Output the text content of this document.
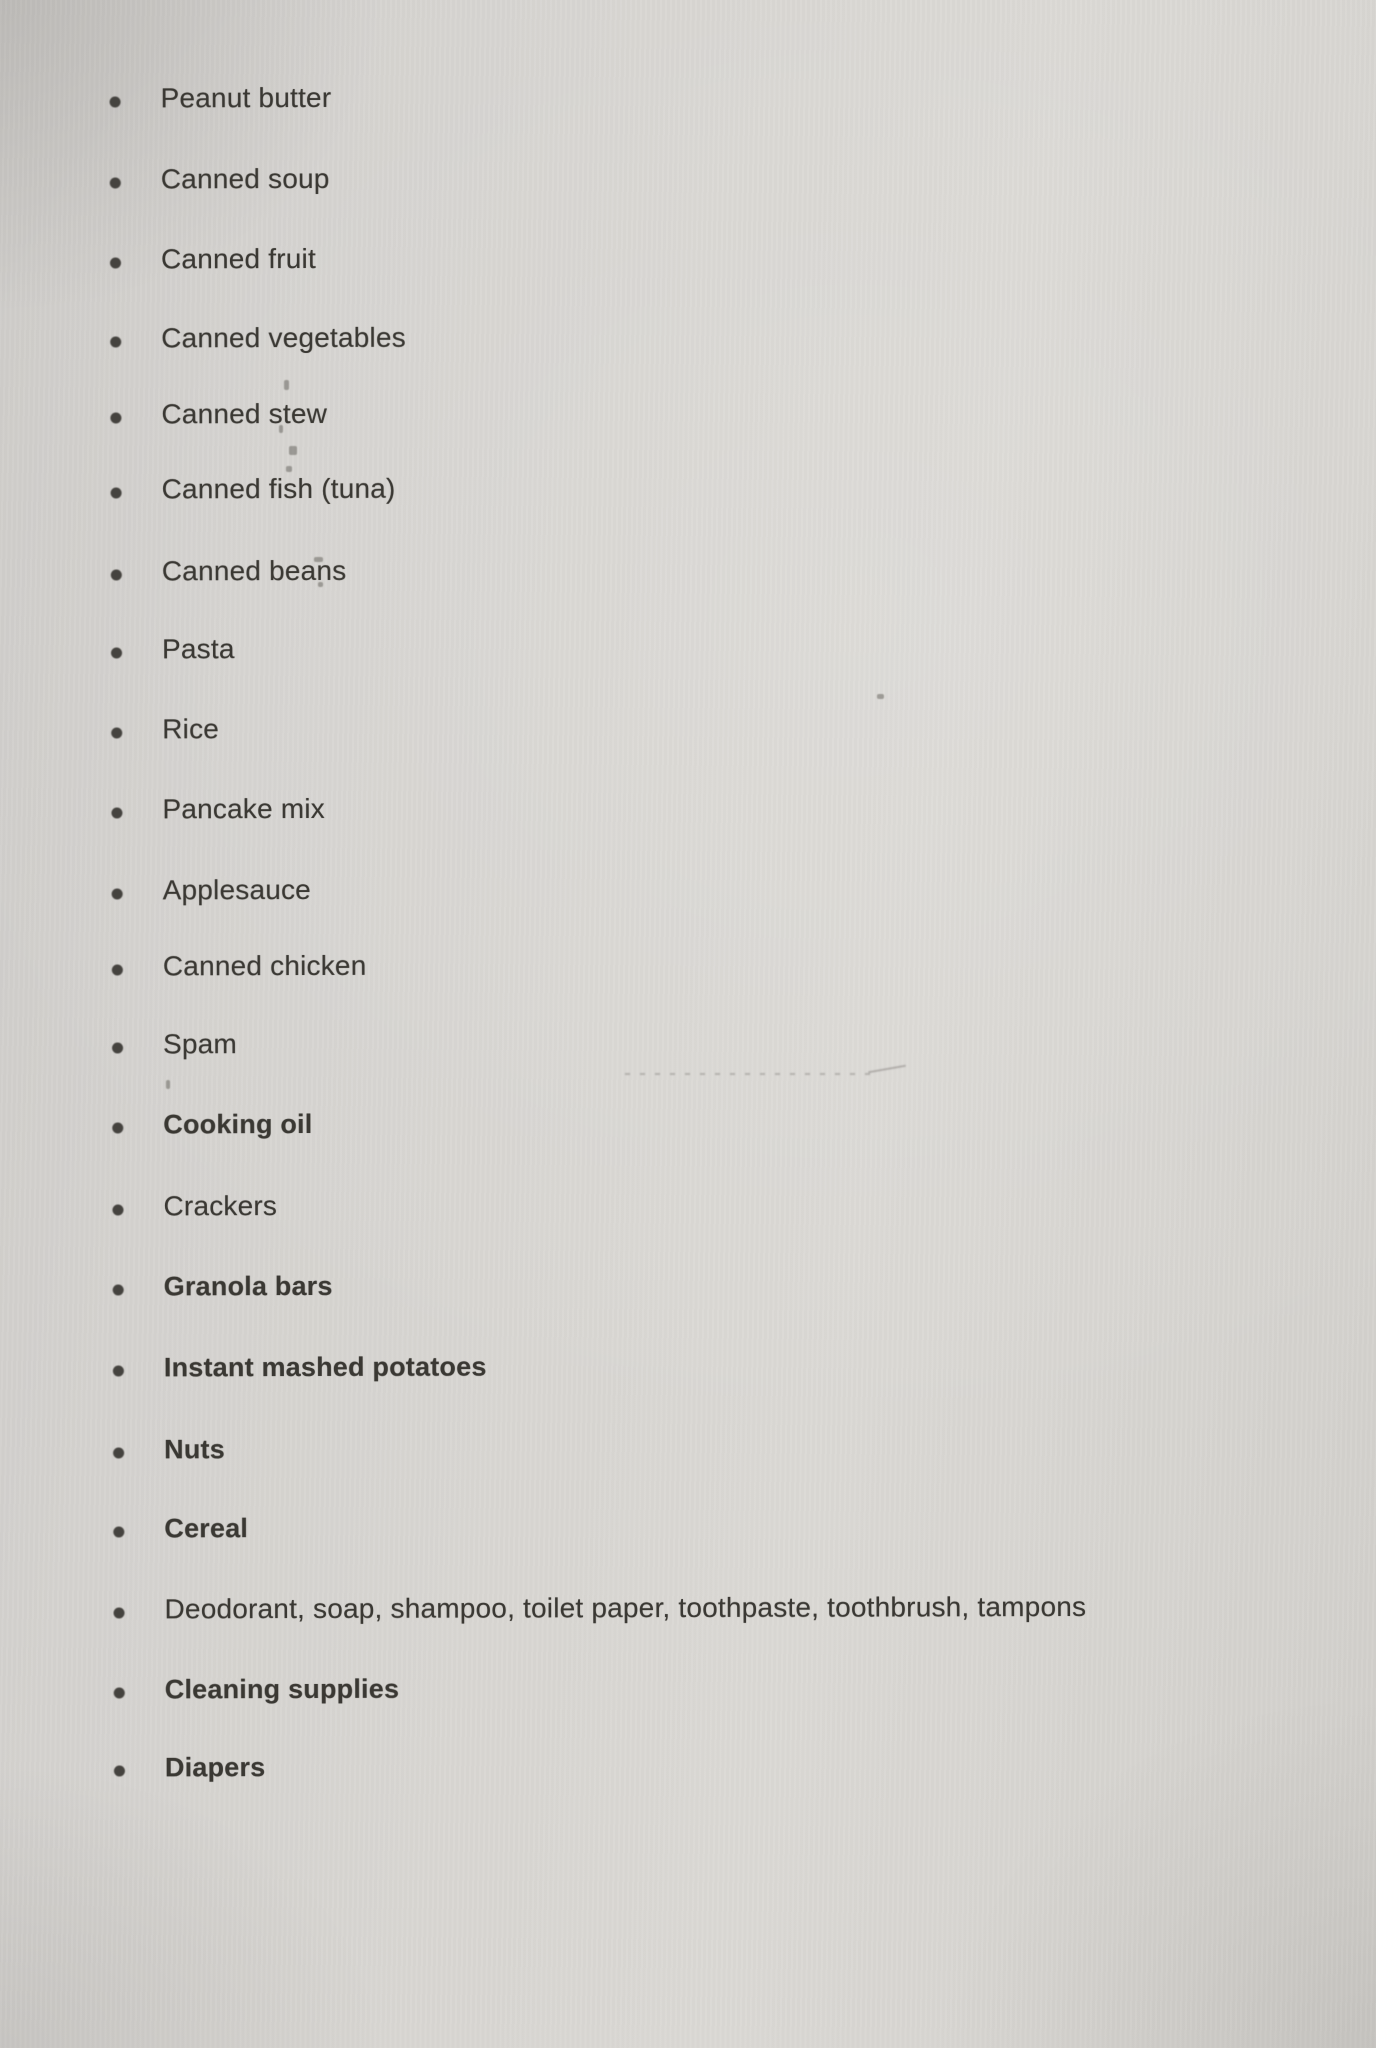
Peanut butter
Canned soup
Canned fruit
Canned vegetables
Canned stew
Canned fish (tuna)
Canned beans
Pasta
Rice
Pancake mix
Applesauce
Canned chicken
Spam
Cooking oil
Crackers
Granola bars
Instant mashed potatoes
Nuts
Cereal
Deodorant, soap, shampoo, toilet paper, toothpaste, toothbrush, tampons
Cleaning supplies
Diapers
